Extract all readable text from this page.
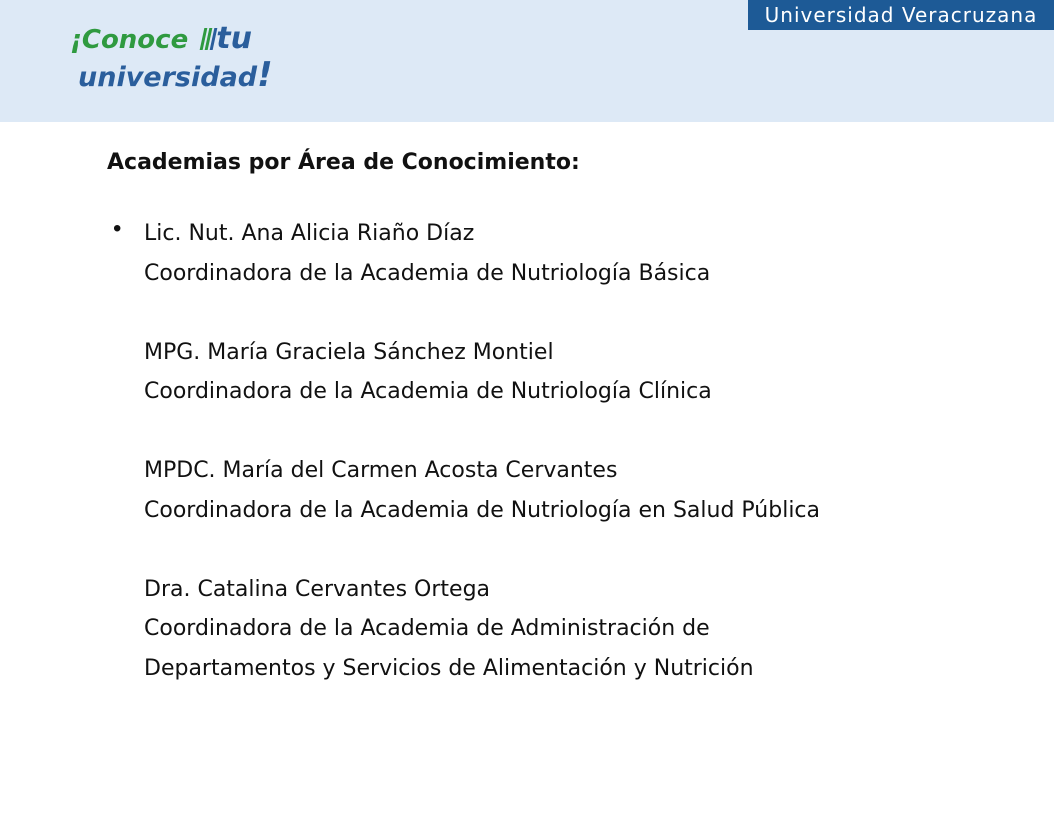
Universidad Veracruzana
¡Conoce
tu
universidad!
Academias por Área de Conocimiento:
• Lic. Nut. Ana Alicia Riaño Díaz
Coordinadora de la Academia de Nutriología Básica
MPG. María Graciela Sánchez Montiel
Coordinadora de la Academia de Nutriología Clínica
MPDC. María del Carmen Acosta Cervantes
Coordinadora de la Academia de Nutriología en Salud Pública
Dra. Catalina Cervantes Ortega
Coordinadora de la Academia de Administración de
Departamentos y Servicios de Alimentación y Nutrición
